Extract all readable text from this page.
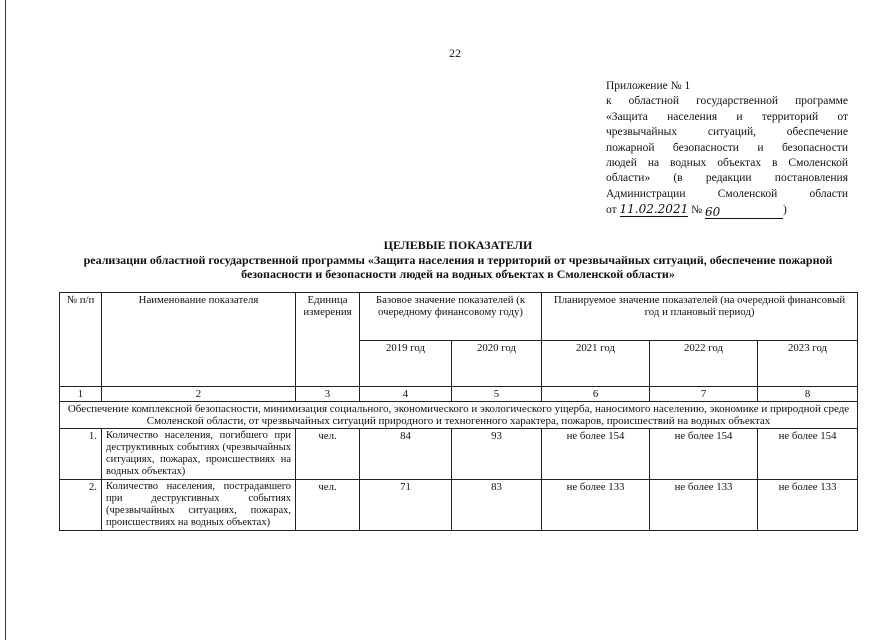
22
Приложение № 1
к областной государственной программе
«Защита населения и территорий от
чрезвычайных ситуаций, обеспечение
пожарной безопасности и безопасности
людей на водных объектах в Смоленской
области» (в редакции постановления
Администрации Смоленской области
от 11.02.2021 № 60	)
ЦЕЛЕВЫЕ ПОКАЗАТЕЛИ
реализации областной государственной программы «Защита населения и территорий от чрезвычайных ситуаций, обеспечение пожарной безопасности и безопасности людей на водных объектах в Смоленской области»
№ п/п	Наименование показателя	Единица измерения	Базовое значение показателей (к очередному финансовому году)		Планируемое значение показателей (на очередной финансовый год и плановый период)		
			2019 год	2020 год	2021 год	2022 год	2023 год
1	2	3	4	5	6	7	8
Обеспечение комплексной безопасности, минимизация социального, экономического и экологического ущерба, наносимого населению, экономике и природной среде Смоленской области, от чрезвычайных ситуаций природного и техногенного характера, пожаров, происшествий на водных объектах							
1.	Количество населения, погибшего при деструктивных событиях (чрезвычайных ситуациях, пожарах, происшествиях на водных объектах)	чел.	84	93	не более 154	не более 154	не более 154
2.	Количество населения, пострадавшего при деструктивных событиях (чрезвычайных ситуациях, пожарах, происшествиях на водных объектах)	чел.	71	83	не более 133	не более 133	не более 133
